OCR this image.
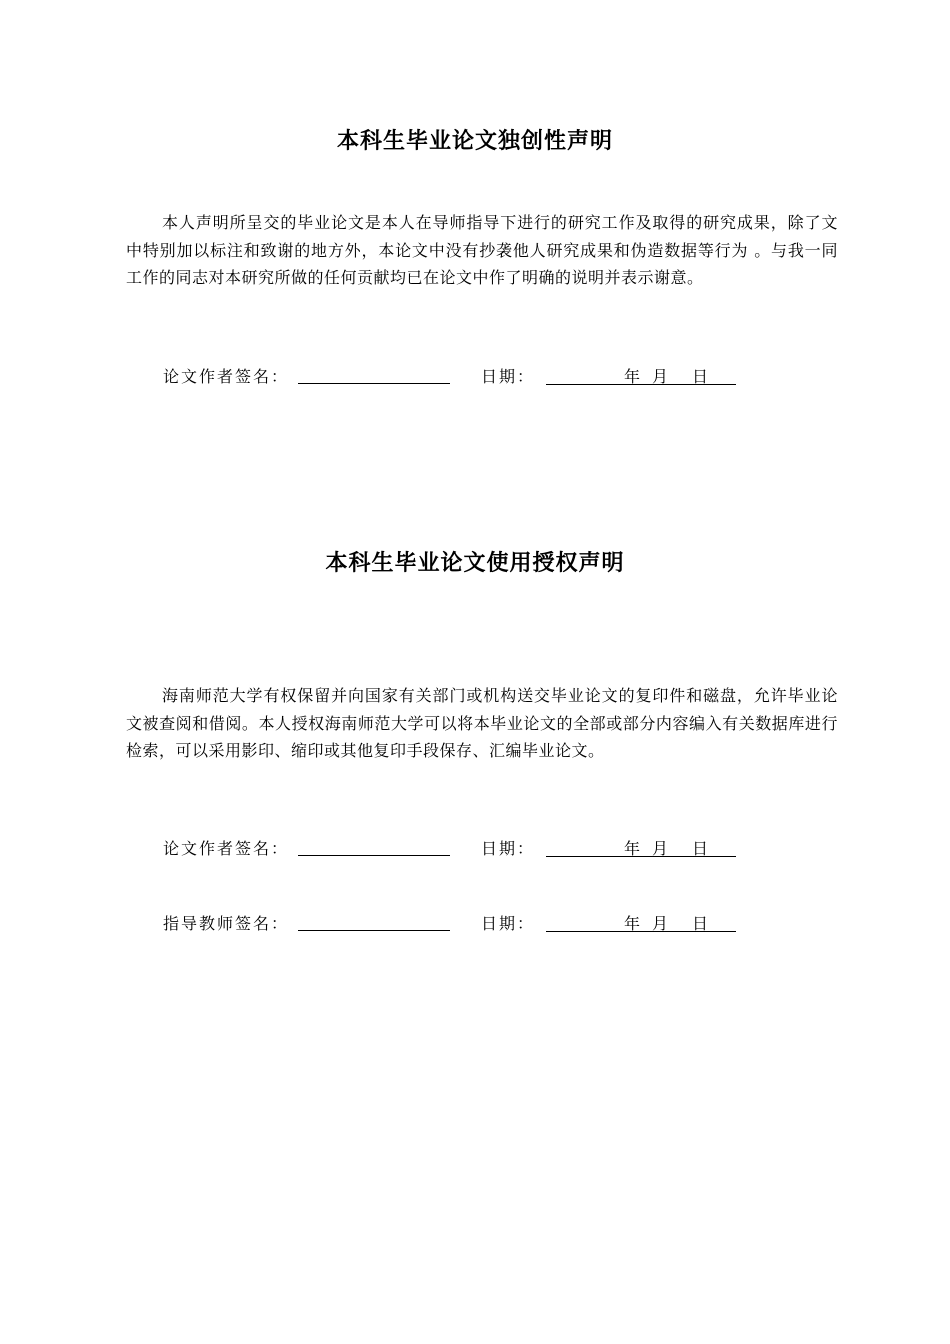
本科生毕业论文独创性声明
本人声明所呈交的毕业论文是本人在导师指导下进行的研究工作及取得的研究成果，除了文中特别加以标注和致谢的地方外，本论文中没有抄袭他人研究成果和伪造数据等行为 。与我一同工作的同志对本研究所做的任何贡献均已在论文中作了明确的说明并表示谢意。
论文作者签名：	日期：	年 月 日
本科生毕业论文使用授权声明
海南师范大学有权保留并向国家有关部门或机构送交毕业论文的复印件和磁盘，允许毕业论文被查阅和借阅。本人授权海南师范大学可以将本毕业论文的全部或部分内容编入有关数据库进行检索，可以采用影印、缩印或其他复印手段保存、汇编毕业论文。
论文作者签名：	日期：	年 月 日
指导教师签名：	日期：	年 月 日
